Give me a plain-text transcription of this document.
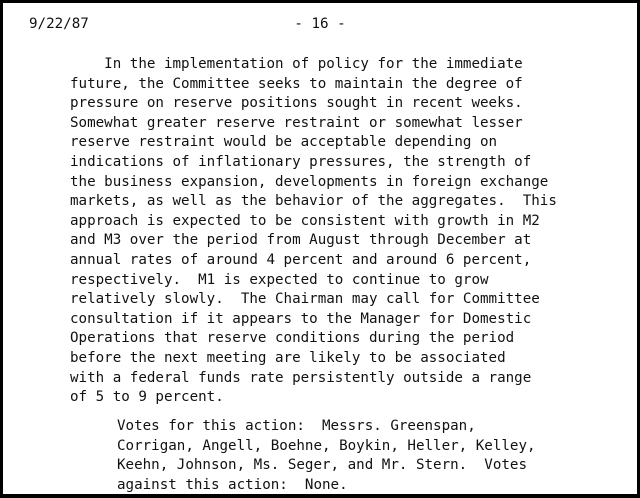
9/22/87	- 16 -
In the implementation of policy for the immediate
future, the Committee seeks to maintain the degree of
pressure on reserve positions sought in recent weeks.
Somewhat greater reserve restraint or somewhat lesser
reserve restraint would be acceptable depending on
indications of inflationary pressures, the strength of
the business expansion, developments in foreign exchange
markets, as well as the behavior of the aggregates.  This
approach is expected to be consistent with growth in M2
and M3 over the period from August through December at
annual rates of around 4 percent and around 6 percent,
respectively.  M1 is expected to continue to grow
relatively slowly.  The Chairman may call for Committee
consultation if it appears to the Manager for Domestic
Operations that reserve conditions during the period
before the next meeting are likely to be associated
with a federal funds rate persistently outside a range
of 5 to 9 percent.
Votes for this action:  Messrs. Greenspan,
Corrigan, Angell, Boehne, Boykin, Heller, Kelley,
Keehn, Johnson, Ms. Seger, and Mr. Stern.  Votes
against this action:  None.
